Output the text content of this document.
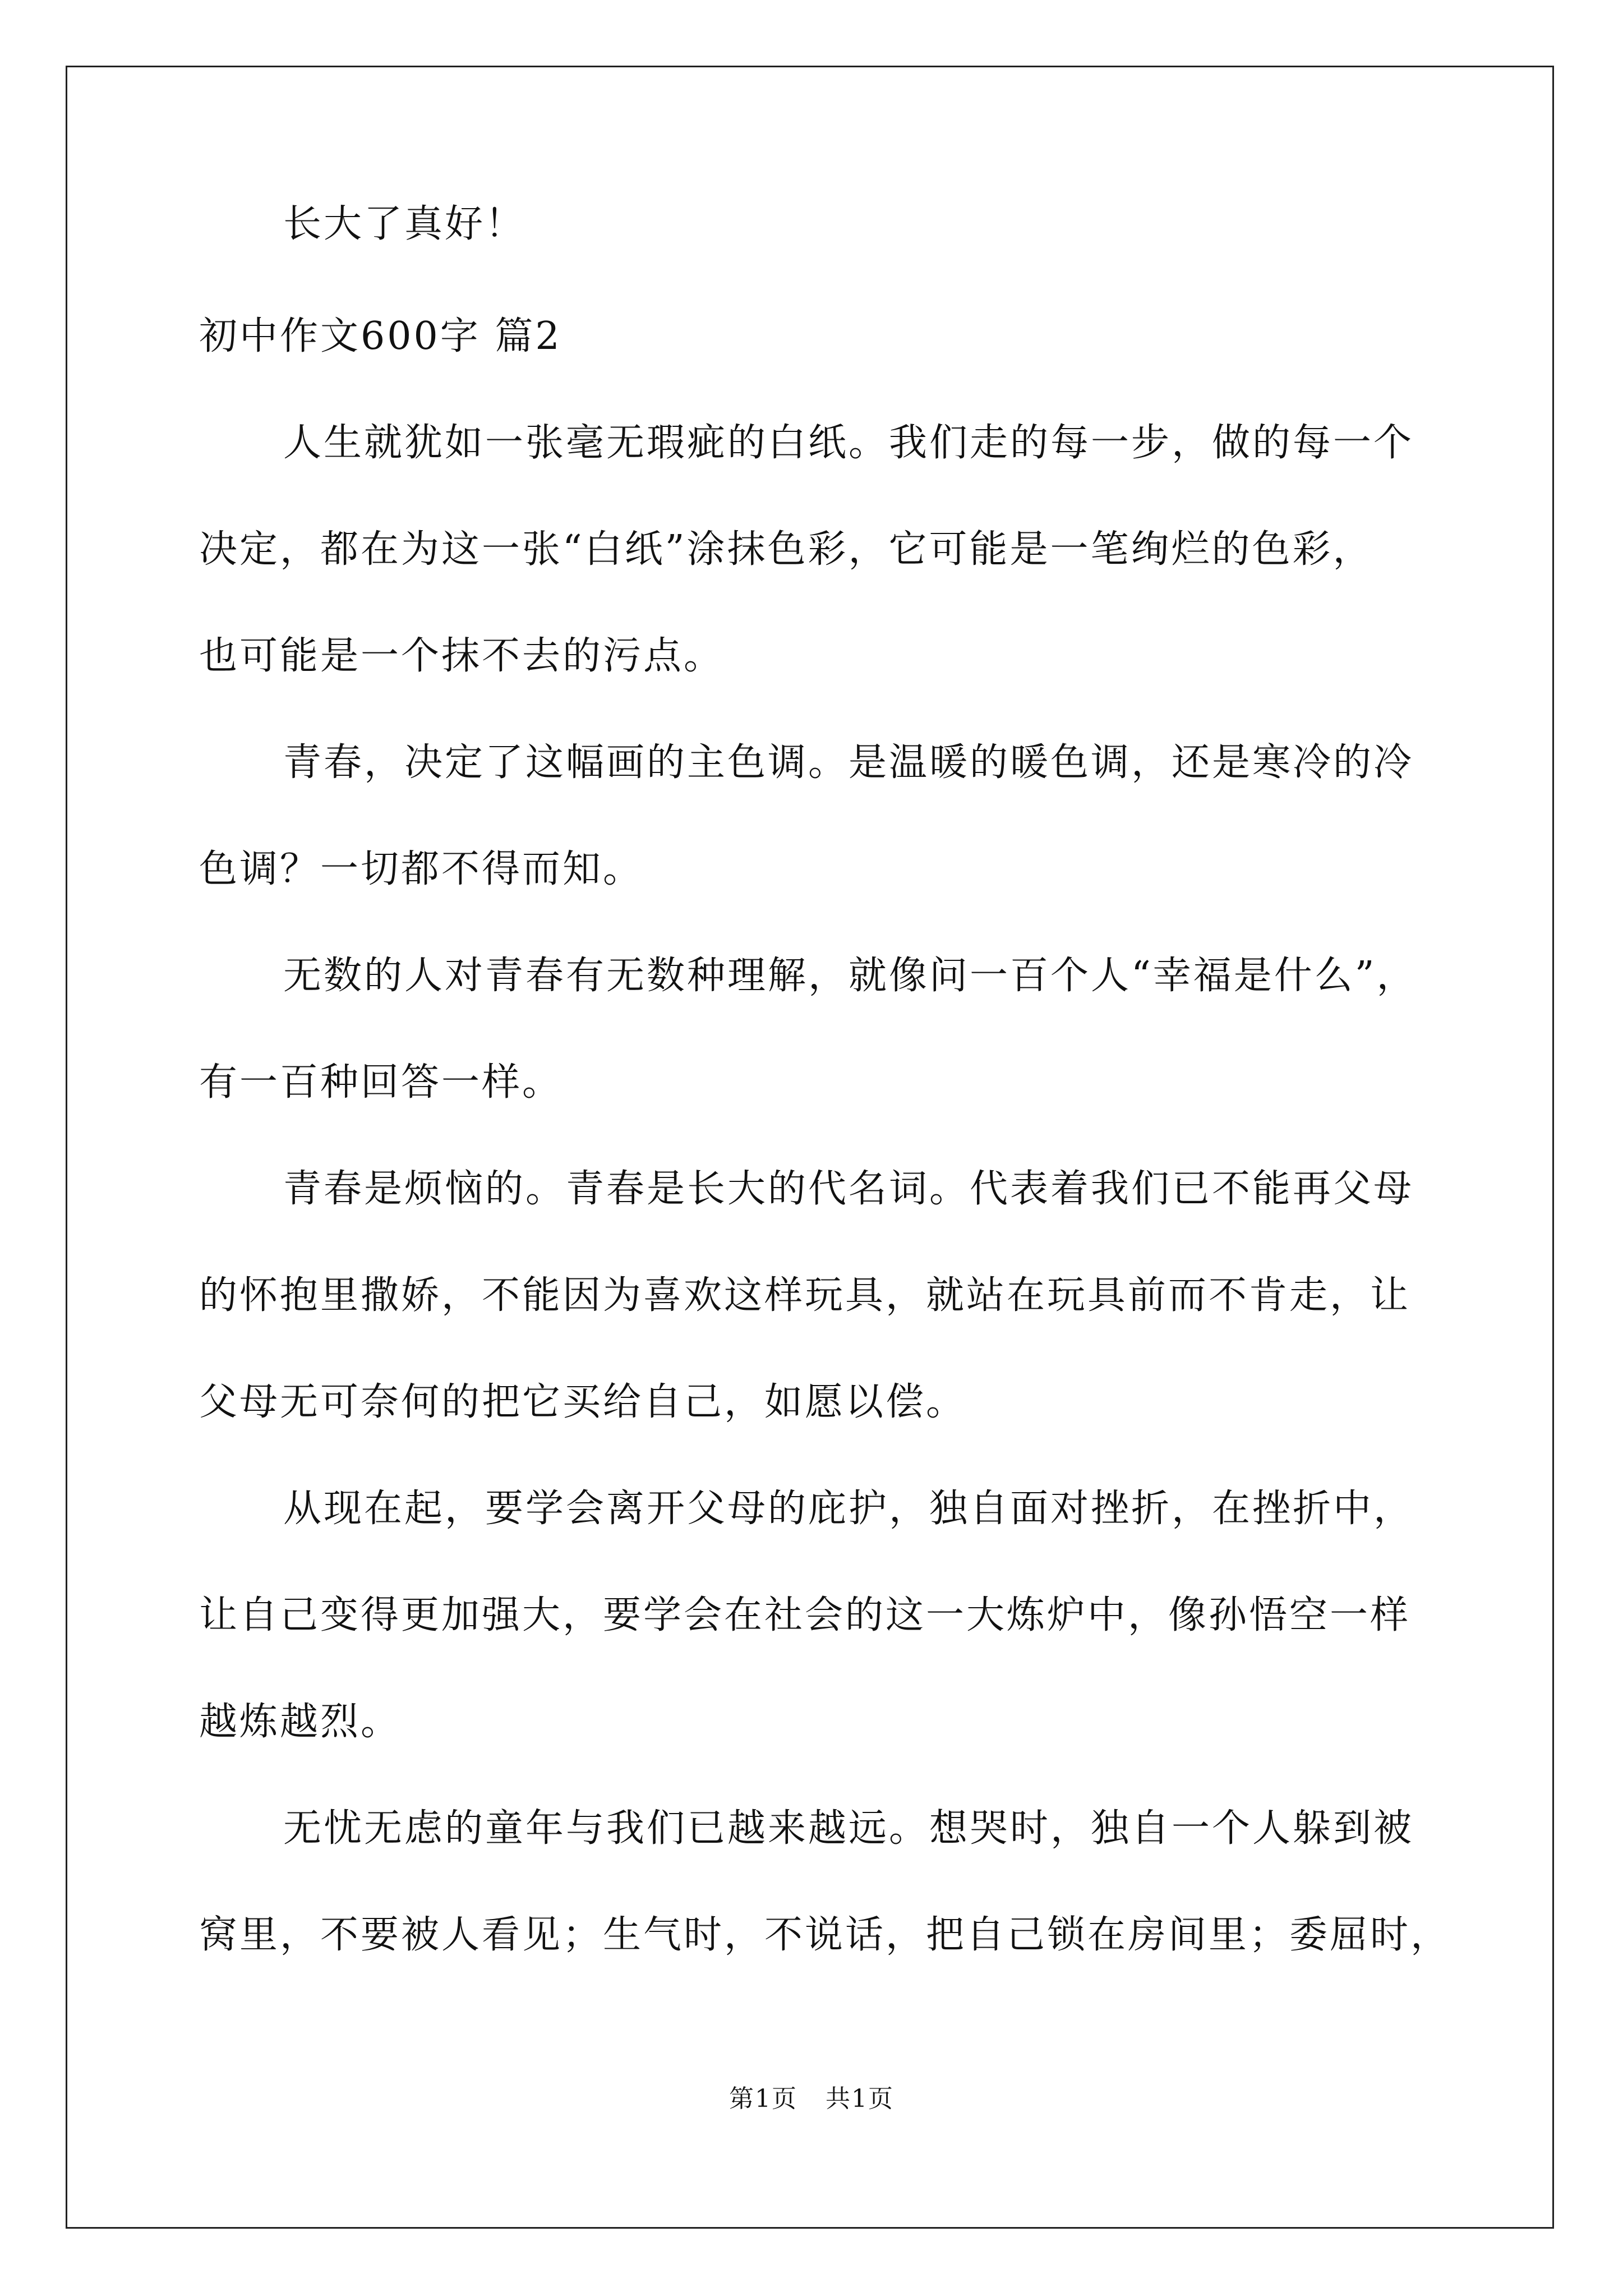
长大了真好！
初中作文600字 篇2
人生就犹如一张毫无瑕疵的白纸。我们走的每一步，做的每一个
决定，都在为这一张“白纸”涂抹色彩，它可能是一笔绚烂的色彩，
也可能是一个抹不去的污点。
青春，决定了这幅画的主色调。是温暖的暖色调，还是寒冷的冷
色调？一切都不得而知。
无数的人对青春有无数种理解，就像问一百个人“幸福是什么”，
有一百种回答一样。
青春是烦恼的。青春是长大的代名词。代表着我们已不能再父母
的怀抱里撒娇，不能因为喜欢这样玩具，就站在玩具前而不肯走，让
父母无可奈何的把它买给自己，如愿以偿。
从现在起，要学会离开父母的庇护，独自面对挫折，在挫折中，
让自己变得更加强大，要学会在社会的这一大炼炉中，像孙悟空一样
越炼越烈。
无忧无虑的童年与我们已越来越远。想哭时，独自一个人躲到被
窝里，不要被人看见；生气时，不说话，把自己锁在房间里；委屈时，
第1页 共1页
